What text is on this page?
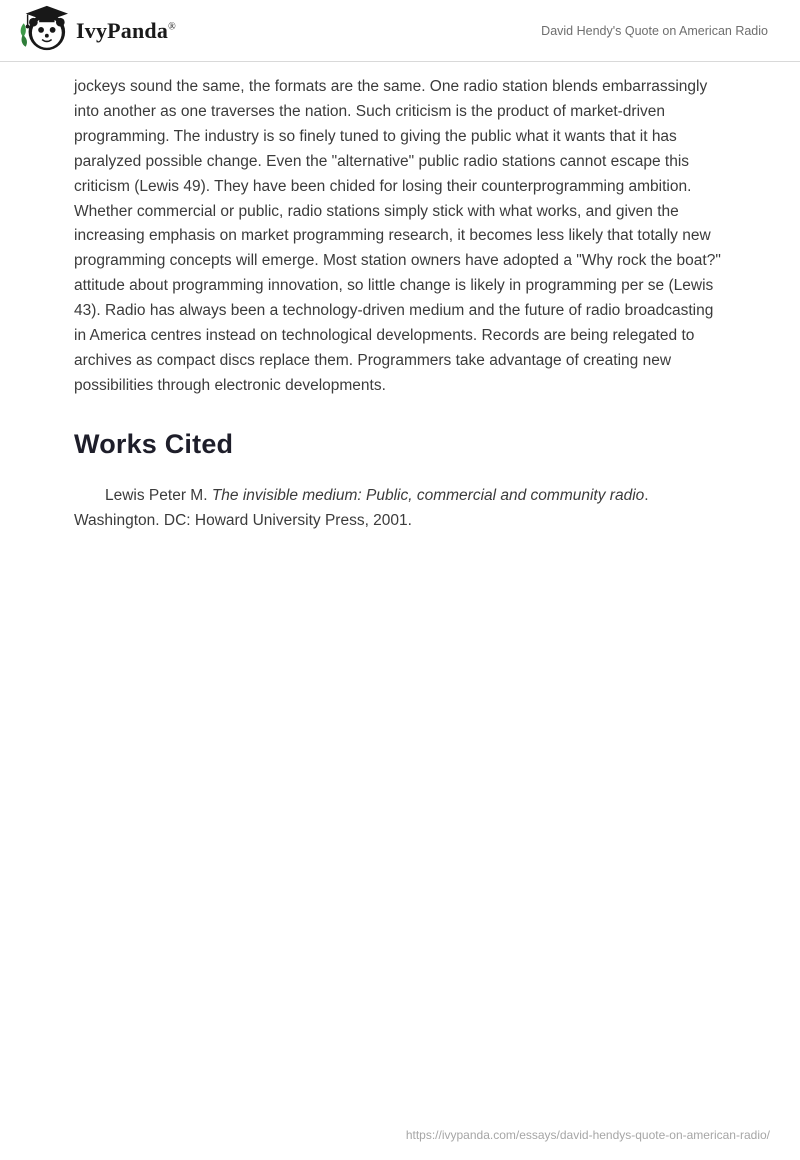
IvyPanda®	David Hendy's Quote on American Radio

jockeys sound the same, the formats are the same. One radio station blends embarrassingly into another as one traverses the nation. Such criticism is the product of market-driven programming. The industry is so finely tuned to giving the public what it wants that it has paralyzed possible change. Even the "alternative" public radio stations cannot escape this criticism (Lewis 49). They have been chided for losing their counterprogramming ambition. Whether commercial or public, radio stations simply stick with what works, and given the increasing emphasis on market programming research, it becomes less likely that totally new programming concepts will emerge. Most station owners have adopted a "Why rock the boat?" attitude about programming innovation, so little change is likely in programming per se (Lewis 43). Radio has always been a technology-driven medium and the future of radio broadcasting in America centres instead on technological developments. Records are being relegated to archives as compact discs replace them. Programmers take advantage of creating new possibilities through electronic developments.

Works Cited

Lewis Peter M. The invisible medium: Public, commercial and community radio. Washington. DC: Howard University Press, 2001.

https://ivypanda.com/essays/david-hendys-quote-on-american-radio/
